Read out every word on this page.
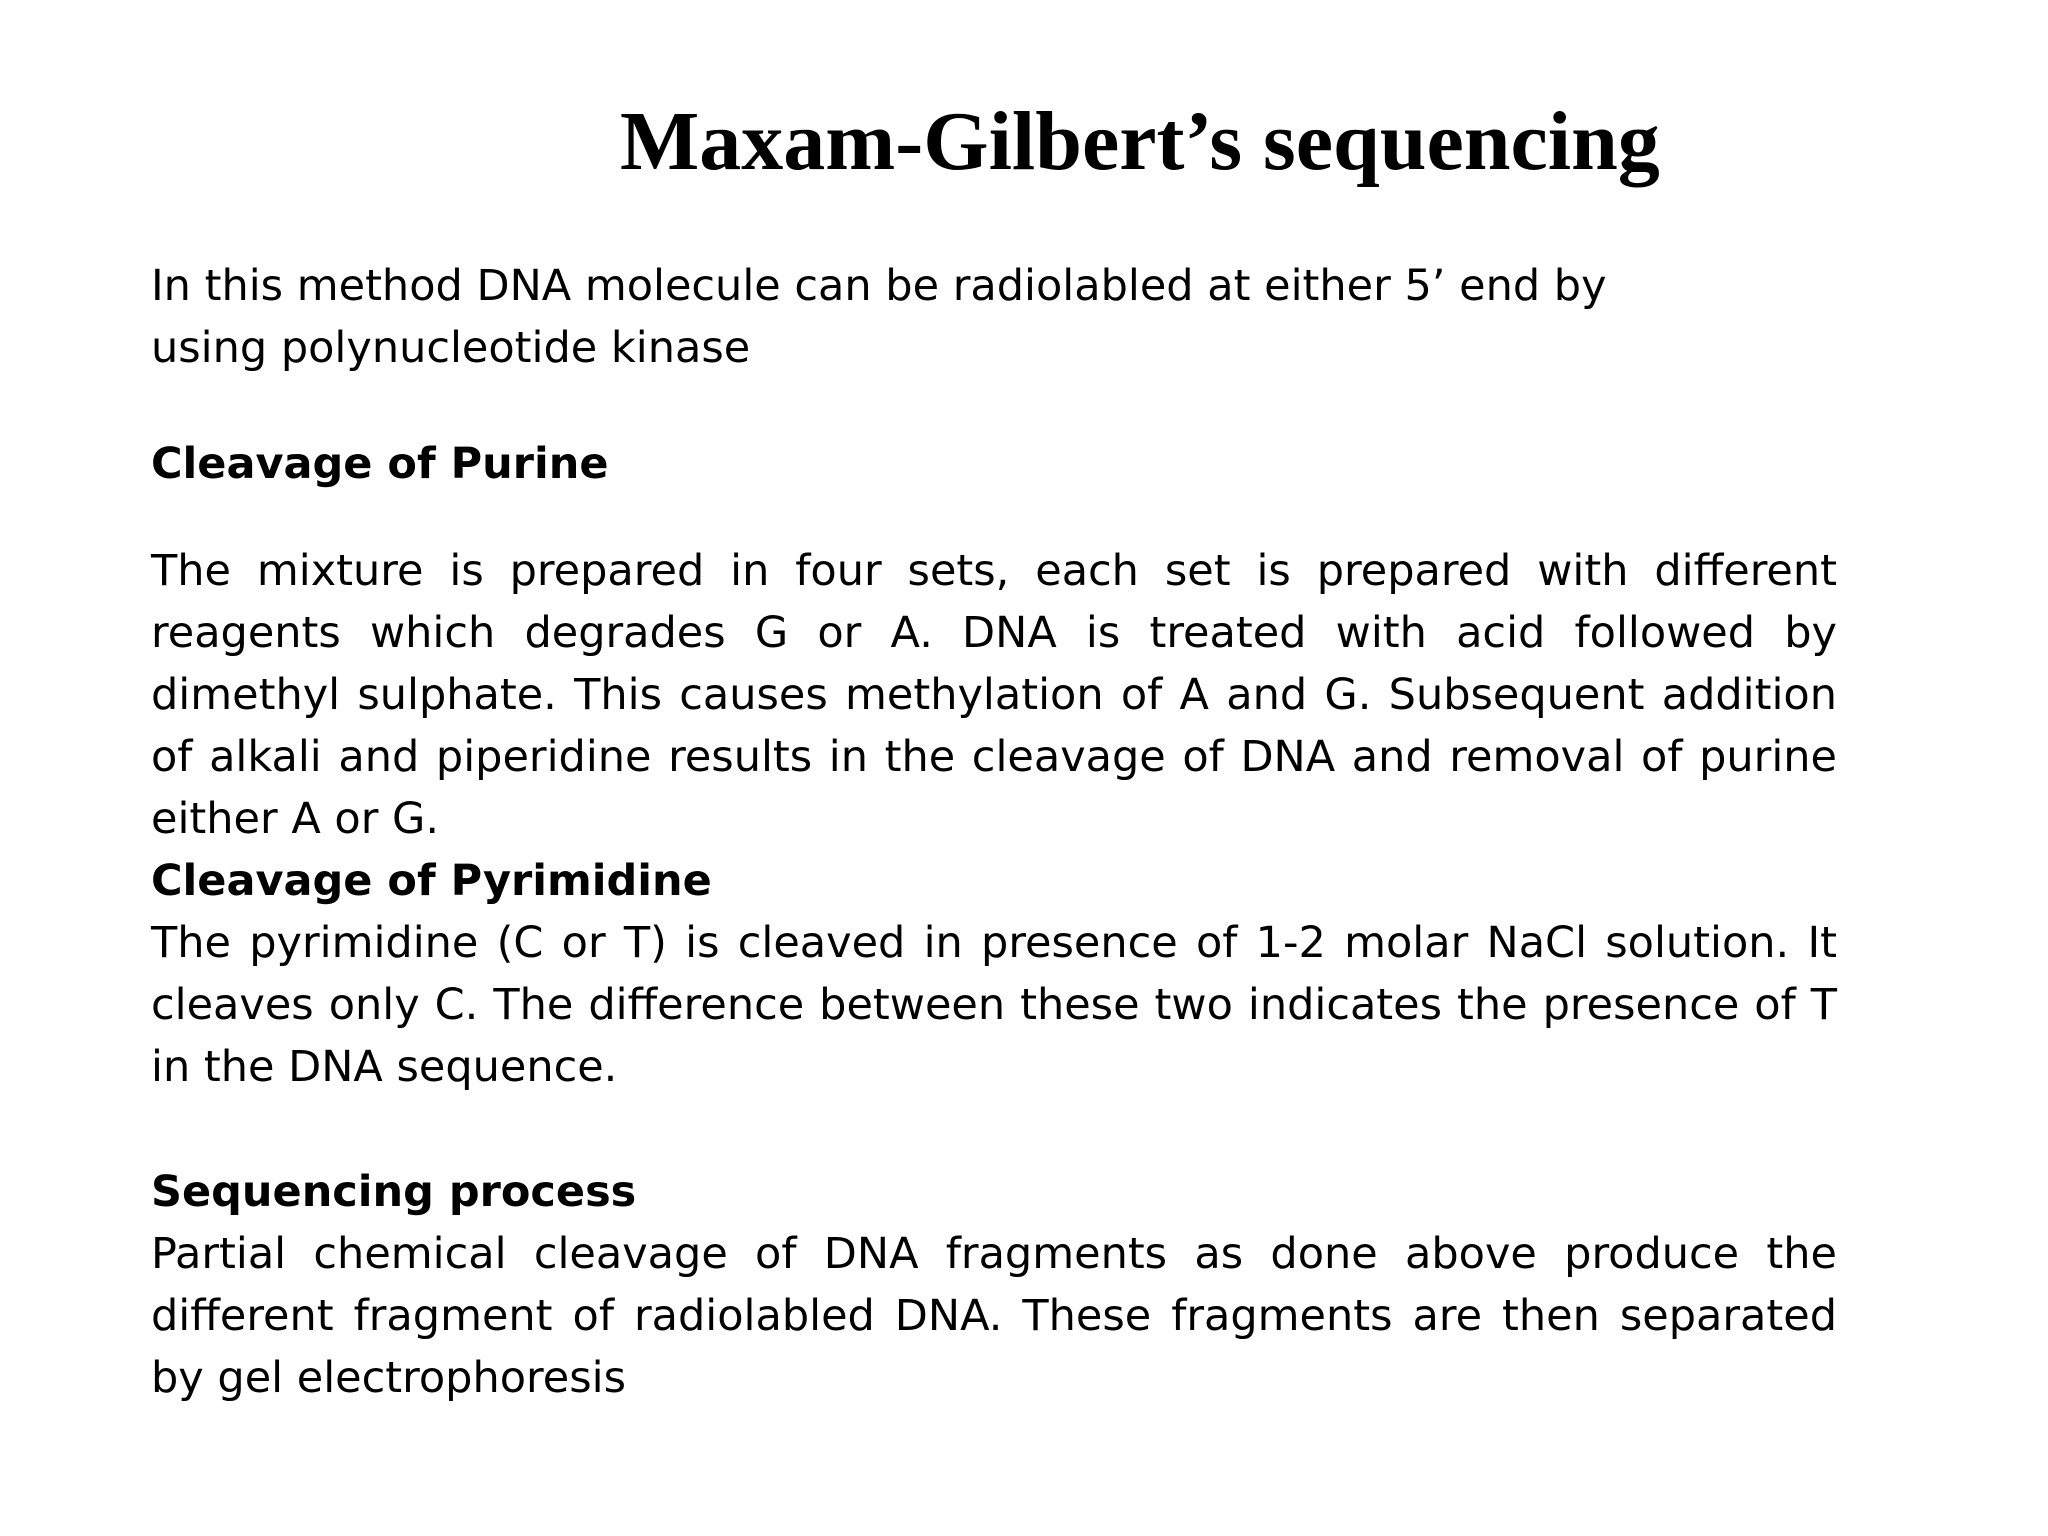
Maxam-Gilbert’s sequencing

In this method DNA molecule can be radiolabled at either 5’ end by using polynucleotide kinase

Cleavage of Purine

The mixture is prepared in four sets, each set is prepared with different reagents which degrades G or A. DNA is treated with acid followed by dimethyl sulphate. This causes methylation of A and G. Subsequent addition of alkali and piperidine results in the cleavage of DNA and removal of purine either A or G.

Cleavage of Pyrimidine

The pyrimidine (C or T) is cleaved in presence of 1-2 molar NaCl solution. It cleaves only C. The difference between these two indicates the presence of T in the DNA sequence.

Sequencing process

Partial chemical cleavage of DNA fragments as done above produce the different fragment of radiolabled DNA. These fragments are then separated by gel electrophoresis
